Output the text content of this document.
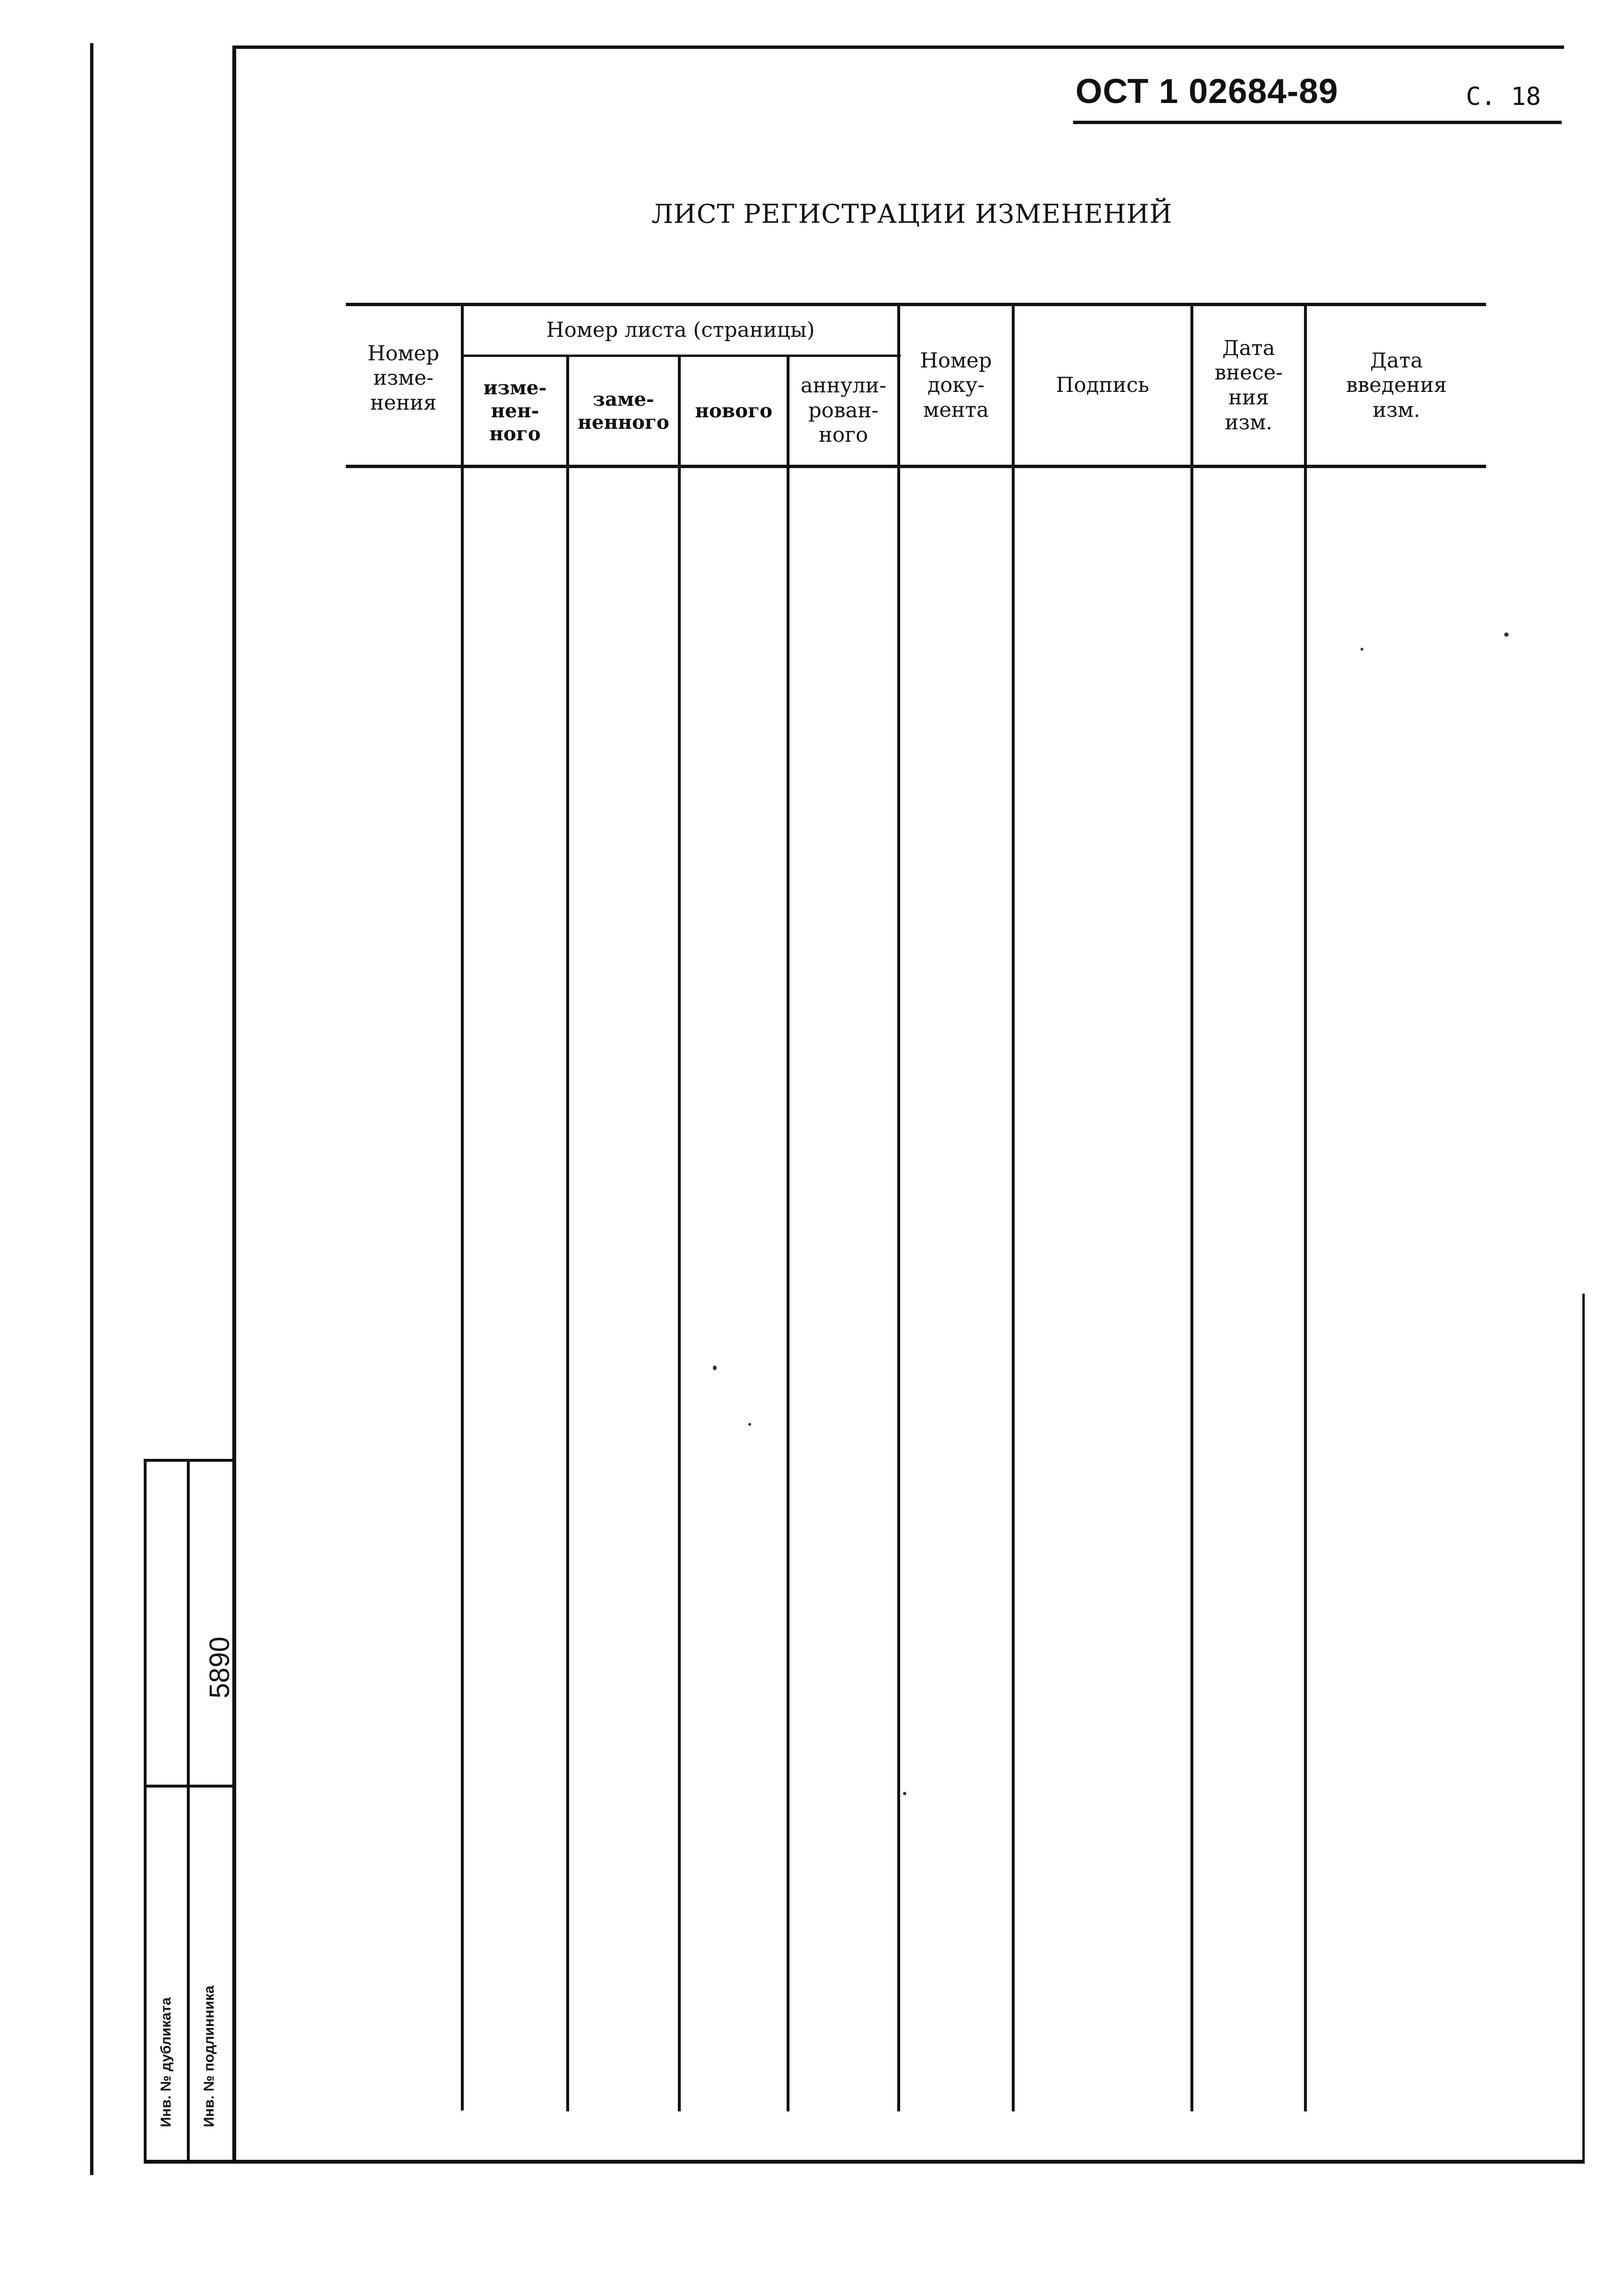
ОСТ 1 02684-89	С. 18
ЛИСТ РЕГИСТРАЦИИ ИЗМЕНЕНИЙ
Номер листа (страницы)
Номер
изме-
нения
изме-
нен-
ного
заме-
ненного
нового
аннули-
рован-
ного
Номер
доку-
мента
Подпись
Дата
внесе-
ния
изм.
Дата
введения
изм.
Инв. № дубликата Инв. № подлинника
5890
